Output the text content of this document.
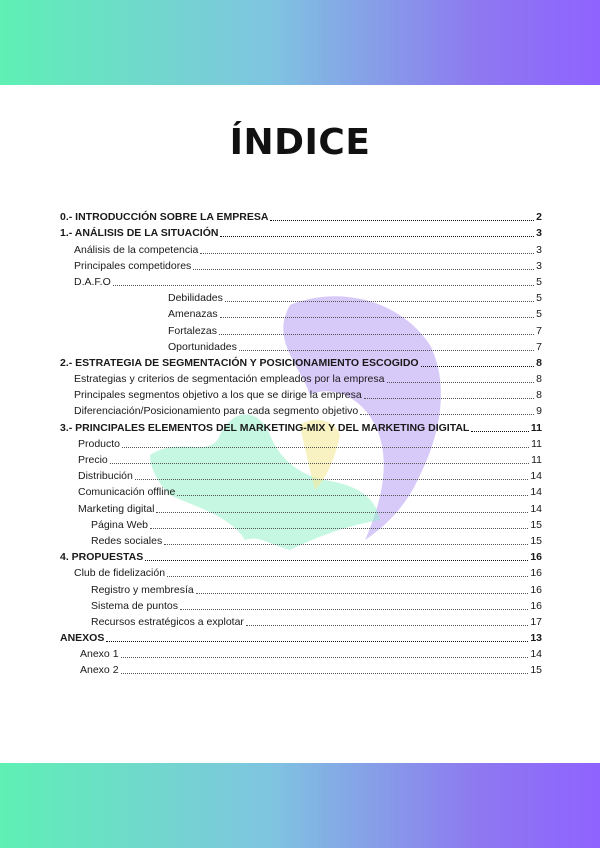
ÍNDICE
0.- INTRODUCCIÓN SOBRE LA EMPRESA	2
1.- ANÁLISIS DE LA SITUACIÓN	3
Análisis de la competencia	3
Principales competidores	3
D.A.F.O	5
Debilidades	5
Amenazas	5
Fortalezas	7
Oportunidades	7
2.- ESTRATEGIA DE SEGMENTACIÓN Y POSICIONAMIENTO ESCOGIDO	8
Estrategias y criterios de segmentación empleados por la empresa	8
Principales segmentos objetivo a los que se dirige la empresa	8
Diferenciación/Posicionamiento para cada segmento objetivo	9
3.- PRINCIPALES ELEMENTOS DEL MARKETING-MIX Y DEL MARKETING DIGITAL	11
Producto	11
Precio	11
Distribución	14
Comunicación offline	14
Marketing digital	14
Página Web	15
Redes sociales	15
4. PROPUESTAS	16
Club de fidelización	16
Registro y membresía	16
Sistema de puntos	16
Recursos estratégicos a explotar	17
ANEXOS	13
Anexo 1	14
Anexo 2	15
